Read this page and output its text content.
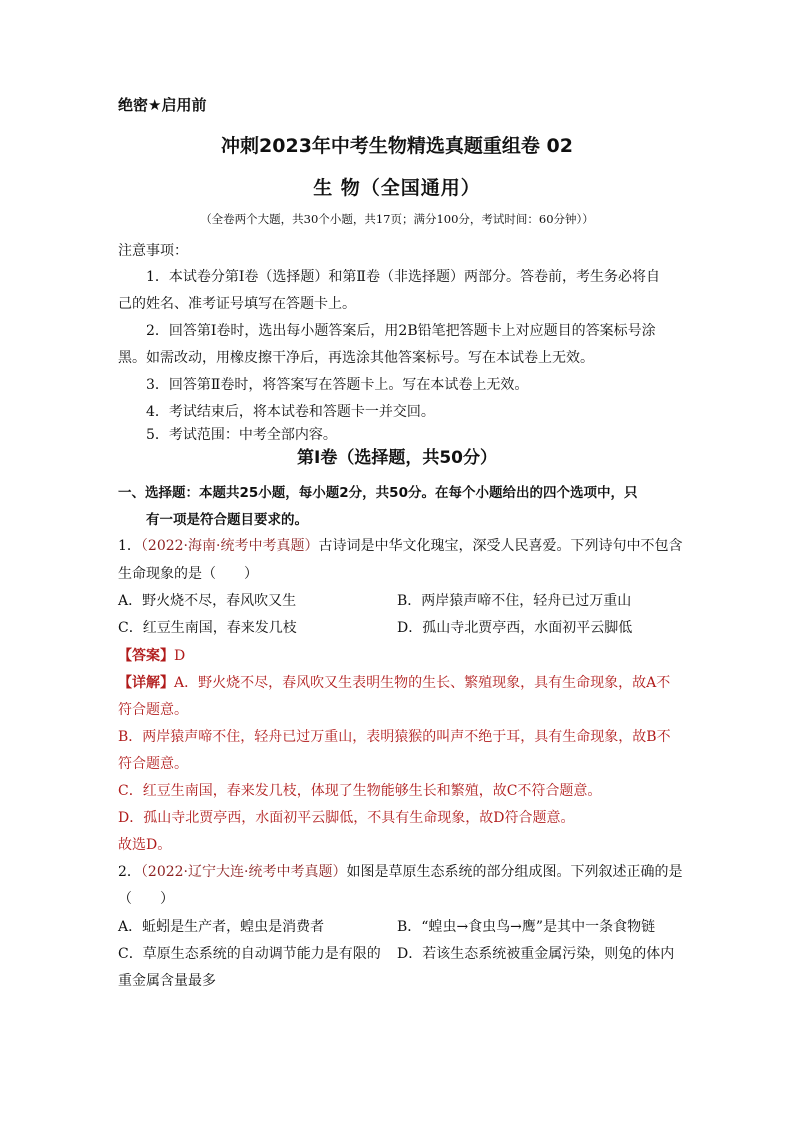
绝密★启用前
冲刺2023年中考生物精选真题重组卷 02
生 物（全国通用）
（全卷两个大题，共30个小题，共17页；满分100分，考试时间：60分钟））
注意事项：
1．本试卷分第Ⅰ卷（选择题）和第Ⅱ卷（非选择题）两部分。答卷前，考生务必将自
己的姓名、准考证号填写在答题卡上。
2．回答第Ⅰ卷时，选出每小题答案后，用2B铅笔把答题卡上对应题目的答案标号涂
黑。如需改动，用橡皮擦干净后，再选涂其他答案标号。写在本试卷上无效。
3．回答第Ⅱ卷时，将答案写在答题卡上。写在本试卷上无效。
4．考试结束后，将本试卷和答题卡一并交回。
5．考试范围：中考全部内容。
第Ⅰ卷（选择题，共50分）
一、选择题：本题共25小题，每小题2分，共50分。在每个小题给出的四个选项中，只
有一项是符合题目要求的。
1．（2022·海南·统考中考真题）古诗词是中华文化瑰宝，深受人民喜爱。下列诗句中不包含
生命现象的是（　　）
A．野火烧不尽，春风吹又生	B．两岸猿声啼不住，轻舟已过万重山
C．红豆生南国，春来发几枝	D．孤山寺北贾亭西，水面初平云脚低
【答案】D
【详解】A．野火烧不尽，春风吹又生表明生物的生长、繁殖现象，具有生命现象，故A不
符合题意。
B．两岸猿声啼不住，轻舟已过万重山，表明猿猴的叫声不绝于耳，具有生命现象，故B不
符合题意。
C．红豆生南国，春来发几枝，体现了生物能够生长和繁殖，故C不符合题意。
D．孤山寺北贾亭西，水面初平云脚低，不具有生命现象，故D符合题意。
故选D。
2．（2022·辽宁大连·统考中考真题）如图是草原生态系统的部分组成图。下列叙述正确的是
（　　）
A．蚯蚓是生产者，蝗虫是消费者	B．“蝗虫→食虫鸟→鹰”是其中一条食物链
C．草原生态系统的自动调节能力是有限的 D．若该生态系统被重金属污染，则兔的体内
重金属含量最多
